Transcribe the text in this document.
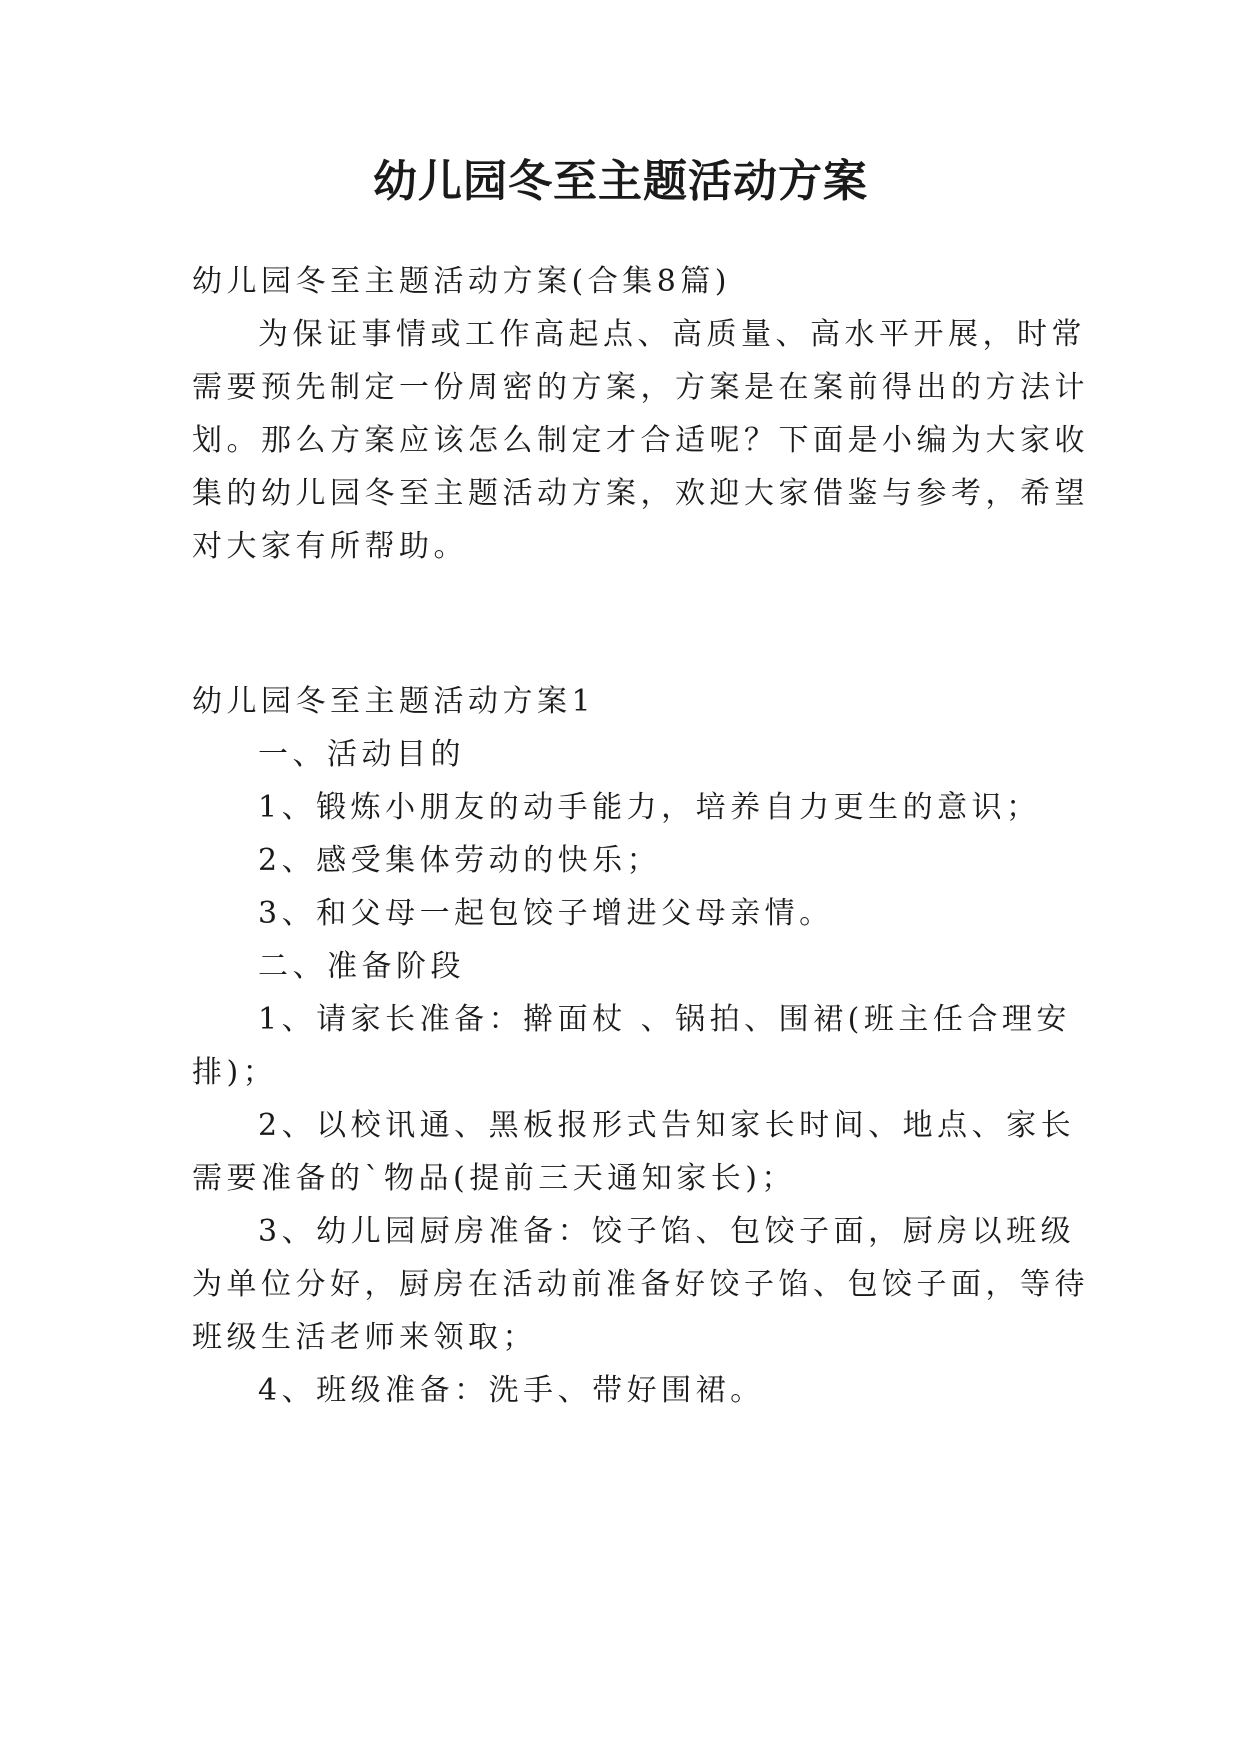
幼儿园冬至主题活动方案
幼儿园冬至主题活动方案(合集8篇)
为保证事情或工作高起点、高质量、高水平开展，时常
需要预先制定一份周密的方案，方案是在案前得出的方法计
划。那么方案应该怎么制定才合适呢？下面是小编为大家收
集的幼儿园冬至主题活动方案，欢迎大家借鉴与参考，希望
对大家有所帮助。
幼儿园冬至主题活动方案1
一、活动目的
1、锻炼小朋友的动手能力，培养自力更生的意识；
2、感受集体劳动的快乐；
3、和父母一起包饺子增进父母亲情。
二、准备阶段
1、请家长准备：擀面杖 、锅拍、围裙(班主任合理安
排)；
2、以校讯通、黑板报形式告知家长时间、地点、家长
需要准备的`物品(提前三天通知家长)；
3、幼儿园厨房准备：饺子馅、包饺子面，厨房以班级
为单位分好，厨房在活动前准备好饺子馅、包饺子面，等待
班级生活老师来领取；
4、班级准备：洗手、带好围裙。
